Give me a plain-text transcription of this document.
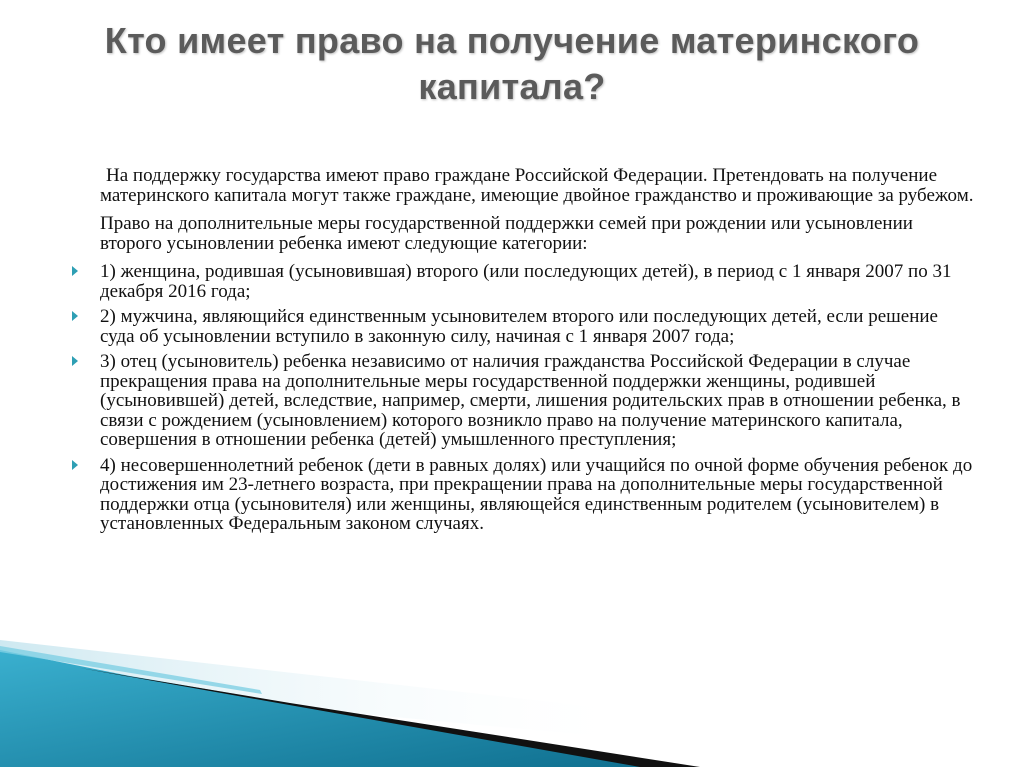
Кто имеет право на получение материнского капитала?

На поддержку государства имеют право граждане Российской Федерации. Претендовать на получение материнского капитала могут также граждане, имеющие двойное гражданство и проживающие за рубежом.

Право на дополнительные меры государственной поддержки семей при рождении или усыновлении второго усыновлении ребенка имеют следующие категории:

1) женщина, родившая (усыновившая) второго (или последующих детей), в период с 1 января 2007 по 31 декабря 2016 года;
2) мужчина, являющийся единственным усыновителем второго или последующих детей, если решение суда об усыновлении вступило в законную силу, начиная с 1 января 2007 года;
3) отец (усыновитель) ребенка независимо от наличия гражданства Российской Федерации в случае прекращения права на дополнительные меры государственной поддержки женщины, родившей (усыновившей) детей, вследствие, например, смерти, лишения родительских прав в отношении ребенка, в связи с рождением (усыновлением) которого возникло право на получение материнского капитала, совершения в отношении ребенка (детей) умышленного преступления;
4) несовершеннолетний ребенок (дети в равных долях) или учащийся по очной форме обучения ребенок до достижения им 23-летнего возраста, при прекращении права на дополнительные меры государственной поддержки отца (усыновителя) или женщины, являющейся единственным родителем (усыновителем) в установленных Федеральным законом случаях.
